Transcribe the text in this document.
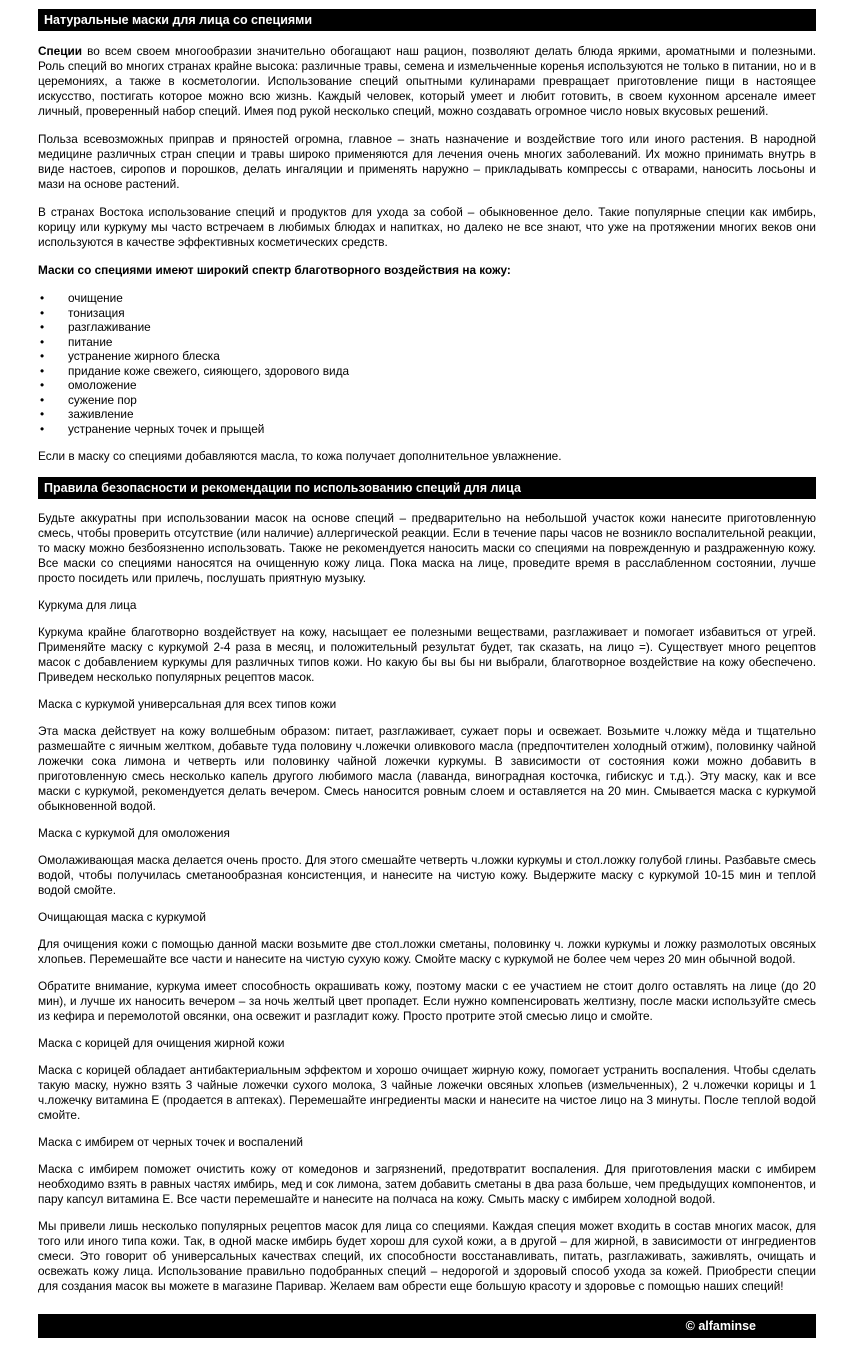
Натуральные маски для лица со специями

Специи во всем своем многообразии значительно обогащают наш рацион, позволяют делать блюда яркими, ароматными и полезными. Роль специй во многих странах крайне высока: различные травы, семена и измельченные коренья используются не только в питании, но и в церемониях, а также в косметологии. Использование специй опытными кулинарами превращает приготовление пищи в настоящее искусство, постигать которое можно всю жизнь. Каждый человек, который умеет и любит готовить, в своем кухонном арсенале имеет личный, проверенный набор специй. Имея под рукой несколько специй, можно создавать огромное число новых вкусовых решений.

Польза всевозможных приправ и пряностей огромна, главное – знать назначение и воздействие того или иного растения. В народной медицине различных стран специи и травы широко применяются для лечения очень многих заболеваний. Их можно принимать внутрь в виде настоев, сиропов и порошков, делать ингаляции и применять наружно – прикладывать компрессы с отварами, наносить лосьоны и мази на основе растений.

В странах Востока использование специй и продуктов для ухода за собой – обыкновенное дело. Такие популярные специи как имбирь, корицу или куркуму мы часто встречаем в любимых блюдах и напитках, но далеко не все знают, что уже на протяжении многих веков они используются в качестве эффективных косметических средств.

Маски со специями имеют широкий спектр благотворного воздействия на кожу:

• очищение
• тонизация
• разглаживание
• питание
• устранение жирного блеска
• придание коже свежего, сияющего, здорового вида
• омоложение
• сужение пор
• заживление
• устранение черных точек и прыщей

Если в маску со специями добавляются масла, то кожа получает дополнительное увлажнение.

Правила безопасности и рекомендации по использованию специй для лица

Будьте аккуратны при использовании масок на основе специй – предварительно на небольшой участок кожи нанесите приготовленную смесь, чтобы проверить отсутствие (или наличие) аллергической реакции. Если в течение пары часов не возникло воспалительной реакции, то маску можно безбоязненно использовать. Также не рекомендуется наносить маски со специями на поврежденную и раздраженную кожу. Все маски со специями наносятся на очищенную кожу лица. Пока маска на лице, проведите время в расслабленном состоянии, лучше просто посидеть или прилечь, послушать приятную музыку.

Куркума для лица

Куркума крайне благотворно воздействует на кожу, насыщает ее полезными веществами, разглаживает и помогает избавиться от угрей. Применяйте маску с куркумой 2-4 раза в месяц, и положительный результат будет, так сказать, на лицо =). Существует много рецептов масок с добавлением куркумы для различных типов кожи. Но какую бы вы бы ни выбрали, благотворное воздействие на кожу обеспечено. Приведем несколько популярных рецептов масок.

Маска с куркумой универсальная для всех типов кожи

Эта маска действует на кожу волшебным образом: питает, разглаживает, сужает поры и освежает. Возьмите ч.ложку мёда и тщательно размешайте с яичным желтком, добавьте туда половину ч.ложечки оливкового масла (предпочтителен холодный отжим), половинку чайной ложечки сока лимона и четверть или половинку чайной ложечки куркумы. В зависимости от состояния кожи можно добавить в приготовленную смесь несколько капель другого любимого масла (лаванда, виноградная косточка, гибискус и т.д.). Эту маску, как и все маски с куркумой, рекомендуется делать вечером. Смесь наносится ровным слоем и оставляется на 20 мин. Смывается маска с куркумой обыкновенной водой.

Маска с куркумой для омоложения

Омолаживающая маска делается очень просто. Для этого смешайте четверть ч.ложки куркумы и стол.ложку голубой глины. Разбавьте смесь водой, чтобы получилась сметанообразная консистенция, и нанесите на чистую кожу. Выдержите маску с куркумой 10-15 мин и теплой водой смойте.

Очищающая маска с куркумой

Для очищения кожи с помощью данной маски возьмите две стол.ложки сметаны, половинку ч. ложки куркумы и ложку размолотых овсяных хлопьев. Перемешайте все части и нанесите на чистую сухую кожу. Смойте маску с куркумой не более чем через 20 мин обычной водой.

Обратите внимание, куркума имеет способность окрашивать кожу, поэтому маски с ее участием не стоит долго оставлять на лице (до 20 мин), и лучше их наносить вечером – за ночь желтый цвет пропадет. Если нужно компенсировать желтизну, после маски используйте смесь из кефира и перемолотой овсянки, она освежит и разгладит кожу. Просто протрите этой смесью лицо и смойте.

Маска с корицей для очищения жирной кожи

Маска с корицей обладает антибактериальным эффектом и хорошо очищает жирную кожу, помогает устранить воспаления. Чтобы сделать такую маску, нужно взять 3 чайные ложечки сухого молока, 3 чайные ложечки овсяных хлопьев (измельченных), 2 ч.ложечки корицы и 1 ч.ложечку витамина Е (продается в аптеках). Перемешайте ингредиенты маски и нанесите на чистое лицо на 3 минуты. После теплой водой смойте.

Маска с имбирем от черных точек и воспалений

Маска с имбирем поможет очистить кожу от комедонов и загрязнений, предотвратит воспаления. Для приготовления маски с имбирем необходимо взять в равных частях имбирь, мед и сок лимона, затем добавить сметаны в два раза больше, чем предыдущих компонентов, и пару капсул витамина Е. Все части перемешайте и нанесите на полчаса на кожу. Смыть маску с имбирем холодной водой.

Мы привели лишь несколько популярных рецептов масок для лица со специями. Каждая специя может входить в состав многих масок, для того или иного типа кожи. Так, в одной маске имбирь будет хорош для сухой кожи, а в другой – для жирной, в зависимости от ингредиентов смеси. Это говорит об универсальных качествах специй, их способности восстанавливать, питать, разглаживать, заживлять, очищать и освежать кожу лица. Использование правильно подобранных специй – недорогой и здоровый способ ухода за кожей. Приобрести специи для создания масок вы можете в магазине Паривар. Желаем вам обрести еще большую красоту и здоровье с помощью наших специй!

© alfaminse
